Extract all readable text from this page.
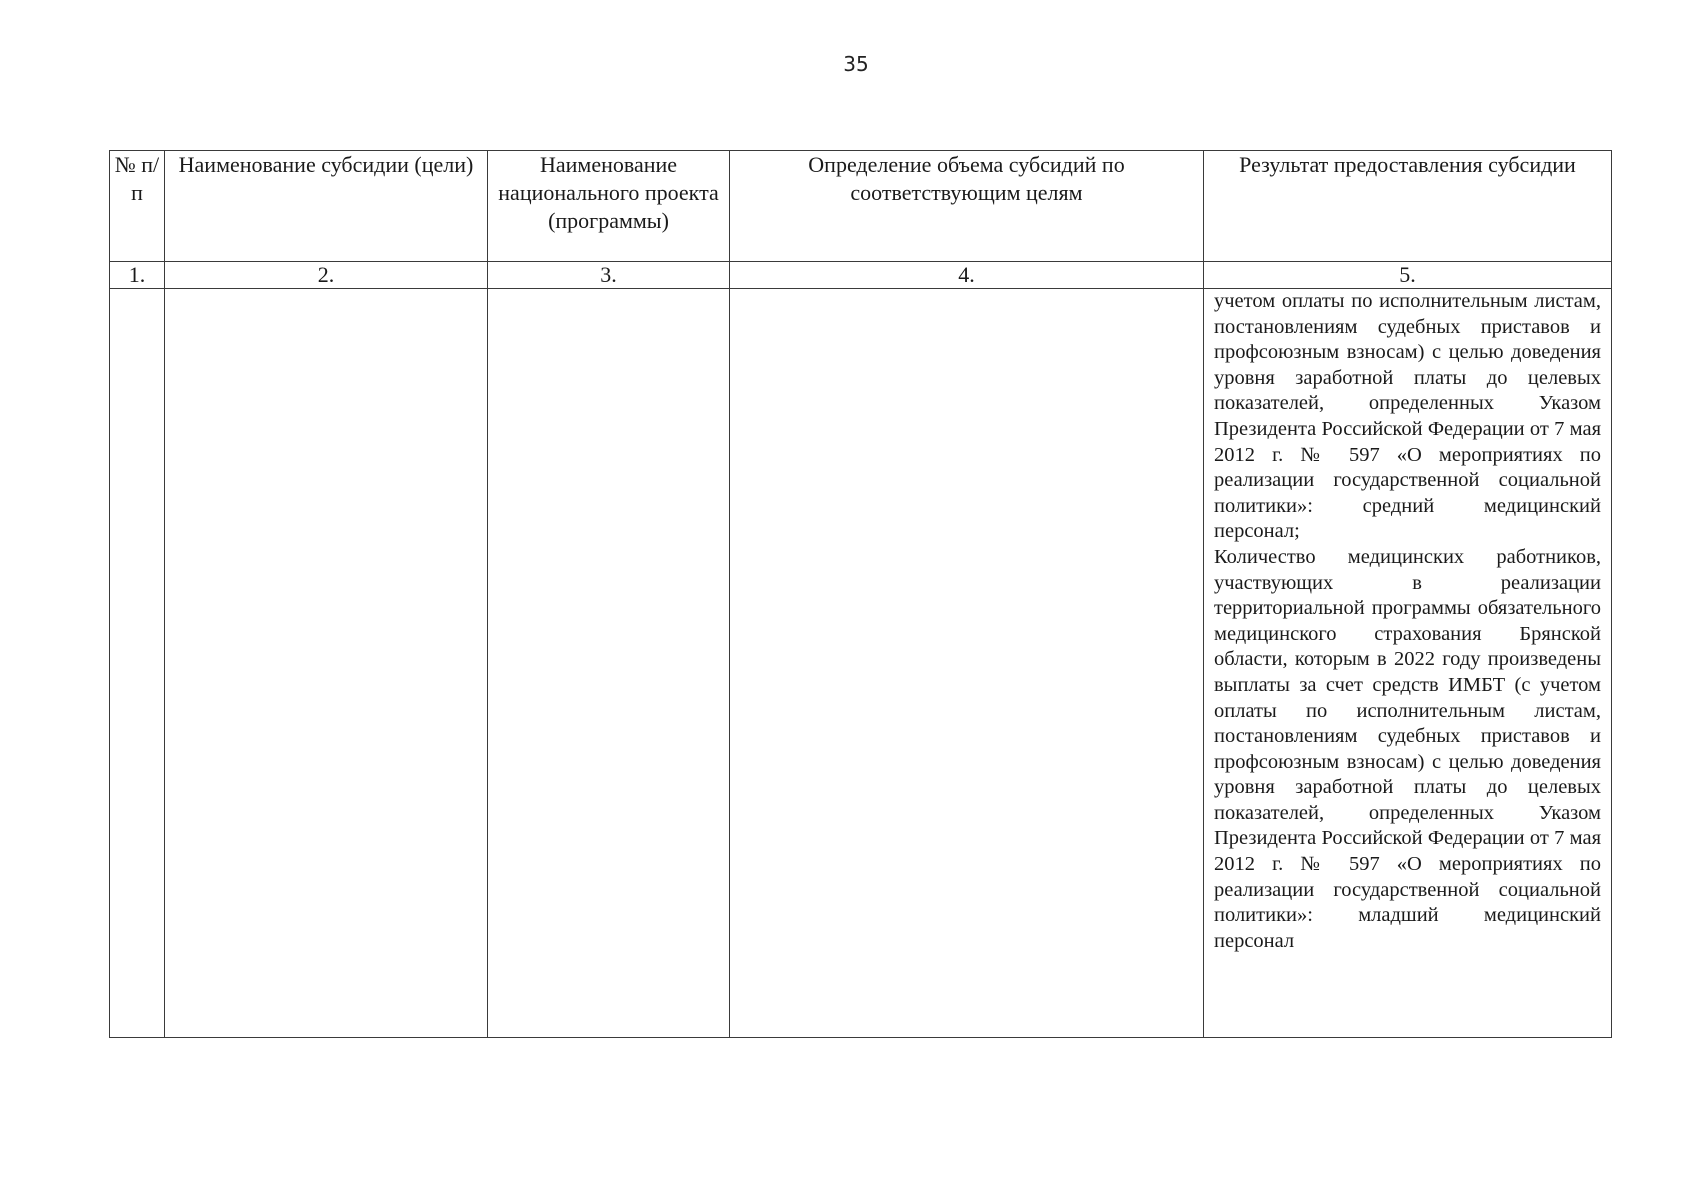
35
№ п/п	Наименование субсидии (цели)	Наименование национального проекта (программы)	Определение объема субсидий по соответствующим целям	Результат предоставления субсидии
1.	2.	3.	4.	5.

				учетом оплаты по исполнительным листам, постановлениям судебных приставов и профсоюзным взносам) с целью доведения уровня заработной платы до целевых показателей, определенных Указом Президента Российской Федерации от 7 мая 2012 г. № 597 «О мероприятиях по реализации государственной социальной политики»: средний медицинский персонал;

Количество медицинских работников, участвующих в реализации территориальной программы обязательного медицинского страхования Брянской области, которым в 2022 году произведены выплаты за счет средств ИМБТ (с учетом оплаты по исполнительным листам, постановлениям судебных приставов и профсоюзным взносам) с целью доведения уровня заработной платы до целевых показателей, определенных Указом Президента Российской Федерации от 7 мая 2012 г. № 597 «О мероприятиях по реализации государственной социальной политики»: младший медицинский персонал
